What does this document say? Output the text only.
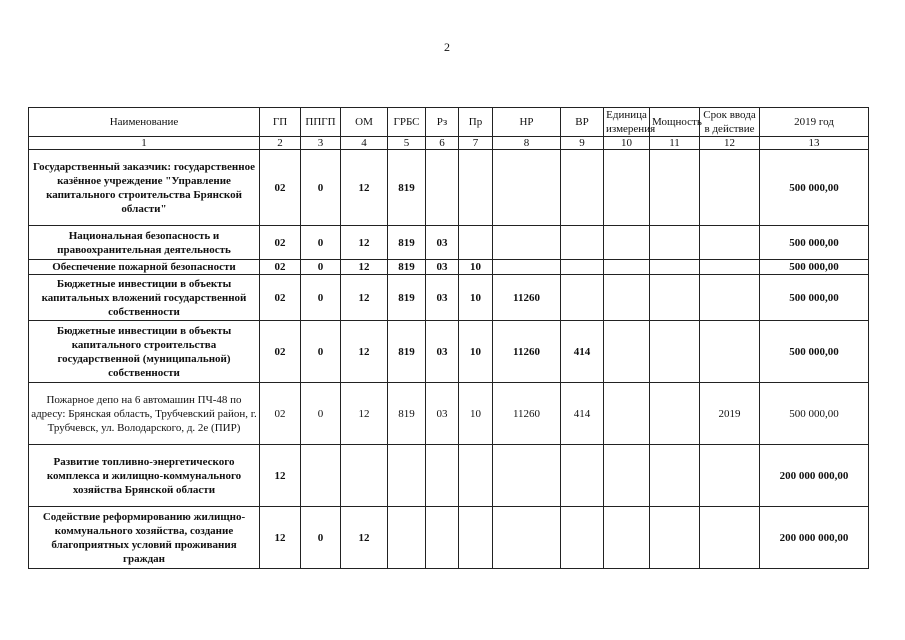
2
Наименование	ГП	ППГП	ОМ	ГРБС	Рз	Пр	НР	ВР	Единица измерения	Мощность	Срок ввода в действие	2019 год
1	2	3	4	5	6	7	8	9	10	11	12	13
Государственный заказчик: государственное казённое учреждение "Управление капитального строительства Брянской области"	02	0	12	819								500 000,00
Национальная безопасность и правоохранительная деятельность	02	0	12	819	03							500 000,00
Обеспечение пожарной безопасности	02	0	12	819	03	10						500 000,00
Бюджетные инвестиции в объекты капитальных вложений государственной собственности	02	0	12	819	03	10	11260					500 000,00
Бюджетные инвестиции в объекты капитального строительства государственной (муниципальной) собственности	02	0	12	819	03	10	11260	414				500 000,00
Пожарное депо на 6 автомашин ПЧ-48 по адресу: Брянская область, Трубчевский район, г. Трубчевск, ул. Володарского, д. 2е (ПИР)	02	0	12	819	03	10	11260	414			2019	500 000,00
Развитие топливно-энергетического комплекса и жилищно-коммунального хозяйства Брянской области	12											200 000 000,00
Содействие реформированию жилищно-коммунального хозяйства, создание благоприятных условий проживания граждан	12	0	12									200 000 000,00
